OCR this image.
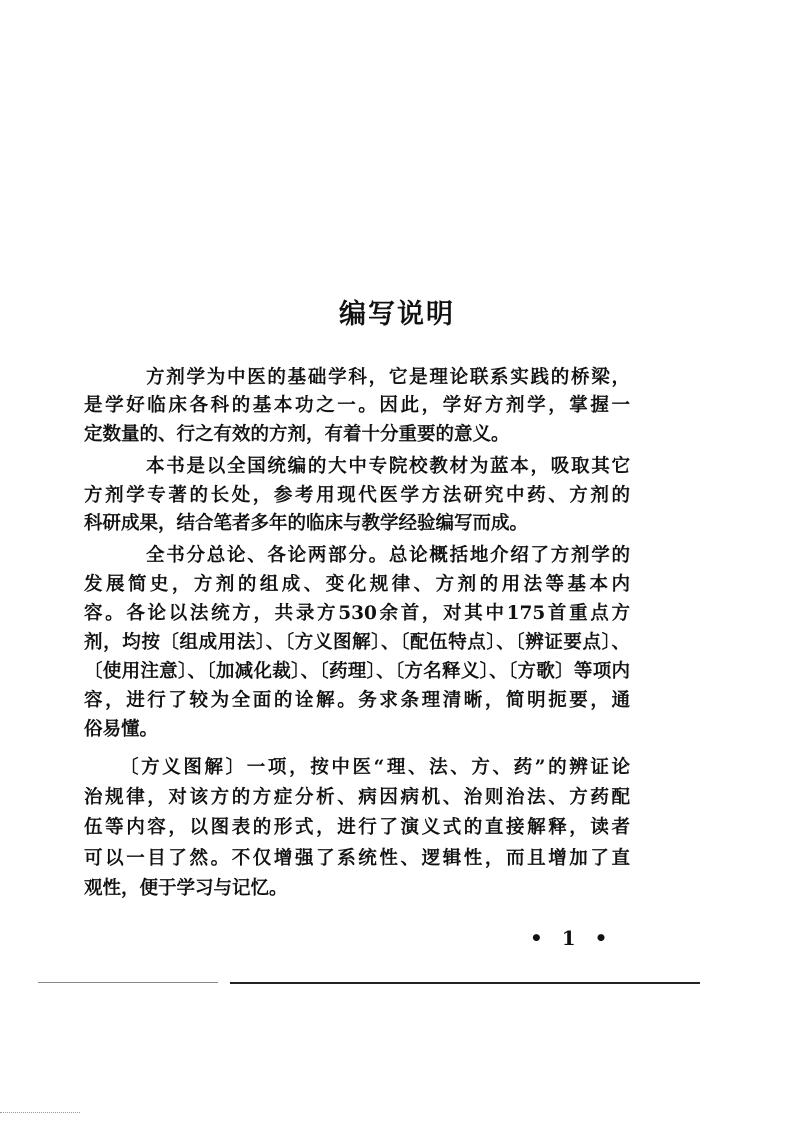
编写说明
方剂学为中医的基础学科，它是理论联系实践的桥梁，
是学好临床各科的基本功之一。因此，学好方剂学，掌握一
定数量的、行之有效的方剂，有着十分重要的意义。
本书是以全国统编的大中专院校教材为蓝本，吸取其它
方剂学专著的长处，参考用现代医学方法研究中药、方剂的
科研成果，结合笔者多年的临床与教学经验编写而成。
全书分总论、各论两部分。总论概括地介绍了方剂学的
发展简史，方剂的组成、变化规律、方剂的用法等基本内
容。各论以法统方，共录方530余首，对其中175首重点方
剂，均按〔组成用法〕、〔方义图解〕、〔配伍特点〕、〔辨证要点〕、
〔使用注意〕、〔加减化裁〕、〔药理〕、〔方名释义〕、〔方歌〕等项内
容，进行了较为全面的诠解。务求条理清晰，简明扼要，通
俗易懂。
〔方义图解〕一项，按中医“理、法、方、药”的辨证论
治规律，对该方的方症分析、病因病机、治则治法、方药配
伍等内容，以图表的形式，进行了演义式的直接解释，读者
可以一目了然。不仅增强了系统性、逻辑性，而且增加了直
观性，便于学习与记忆。
• 1 •
